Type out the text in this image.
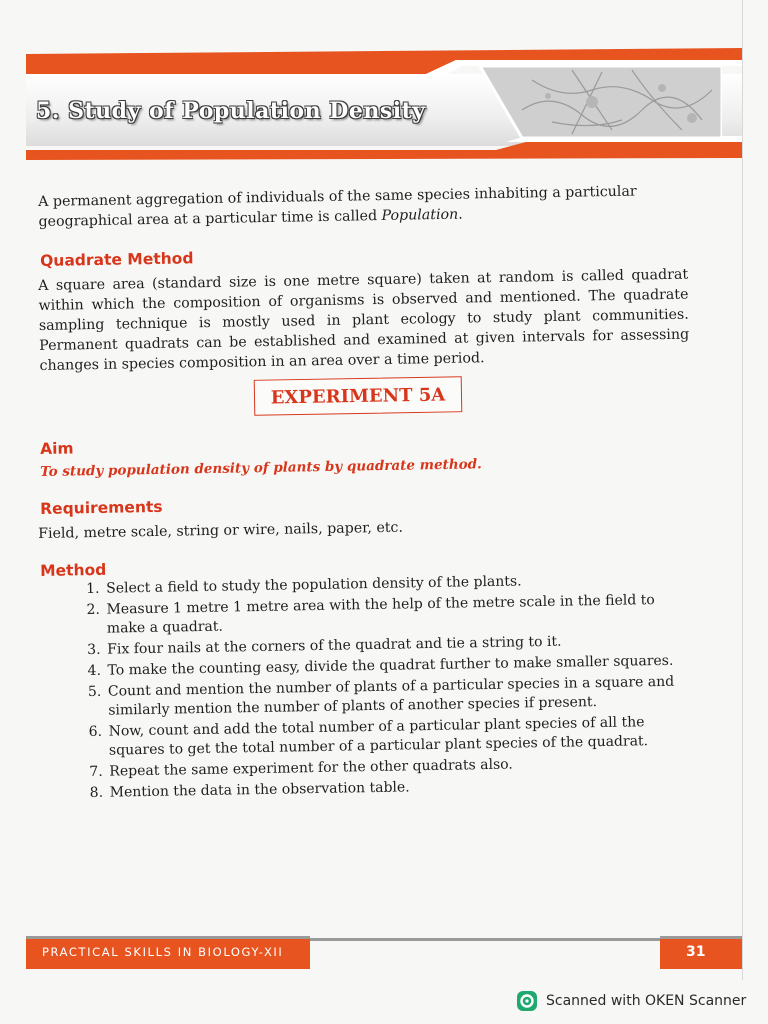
5. Study of Population Density
A permanent aggregation of individuals of the same species inhabiting a particular geographical area at a particular time is called Population.
Quadrate Method
A square area (standard size is one metre square) taken at random is called quadrat within which the composition of organisms is observed and mentioned. The quadrate sampling technique is mostly used in plant ecology to study plant communities. Permanent quadrats can be established and examined at given intervals for assessing changes in species composition in an area over a time period.
EXPERIMENT 5A
Aim
To study population density of plants by quadrate method.
Requirements
Field, metre scale, string or wire, nails, paper, etc.
Method
1. Select a field to study the population density of the plants.
2. Measure 1 metre 1 metre area with the help of the metre scale in the field to make a quadrat.
3. Fix four nails at the corners of the quadrat and tie a string to it.
4. To make the counting easy, divide the quadrat further to make smaller squares.
5. Count and mention the number of plants of a particular species in a square and similarly mention the number of plants of another species if present.
6. Now, count and add the total number of a particular plant species of all the squares to get the total number of a particular plant species of the quadrat.
7. Repeat the same experiment for the other quadrats also.
8. Mention the data in the observation table.
PRACTICAL SKILLS IN BIOLOGY-XII	31
Scanned with OKEN Scanner
